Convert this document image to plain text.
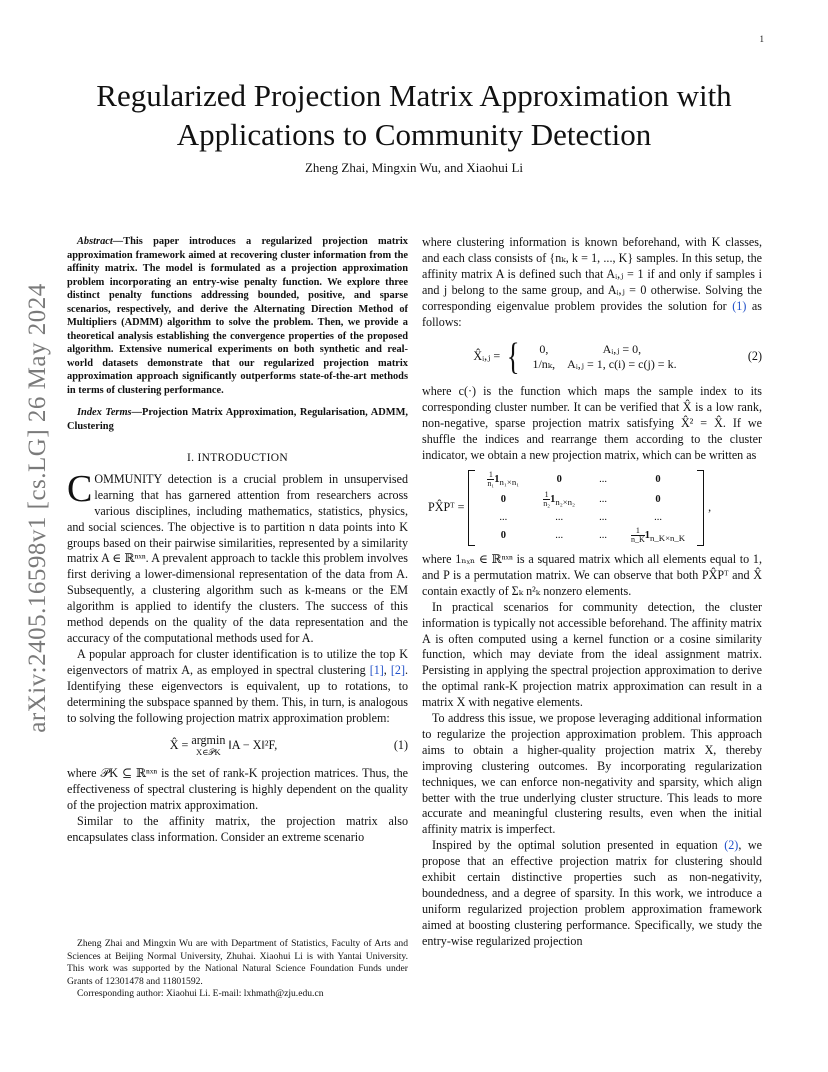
1
arXiv:2405.16598v1 [cs.LG] 26 May 2024
Regularized Projection Matrix Approximation with
Applications to Community Detection
Zheng Zhai, Mingxin Wu, and Xiaohui Li

Abstract—This paper introduces a regularized projection matrix approximation framework aimed at recovering cluster information from the affinity matrix. The model is formulated as a projection approximation problem incorporating an entry-wise penalty function. We explore three distinct penalty functions addressing bounded, positive, and sparse scenarios, respectively, and derive the Alternating Direction Method of Multipliers (ADMM) algorithm to solve the problem. Then, we provide a theoretical analysis establishing the convergence properties of the proposed algorithm. Extensive numerical experiments on both synthetic and real-world datasets demonstrate that our regularized projection matrix approximation approach significantly outperforms state-of-the-art methods in terms of clustering performance.

Index Terms—Projection Matrix Approximation, Regularisation, ADMM, Clustering

I. INTRODUCTION

COMMUNITY detection is a crucial problem in unsupervised learning that has garnered attention from researchers across various disciplines, including mathematics, statistics, physics, and social sciences. The objective is to partition n data points into K groups based on their pairwise similarities, represented by a similarity matrix A ∈ ℝⁿˣⁿ. A prevalent approach to tackle this problem involves first deriving a lower-dimensional representation of the data from A. Subsequently, a clustering algorithm such as k-means or the EM algorithm is applied to identify the clusters. The success of this method depends on the quality of the data representation and the accuracy of the computational methods used for A.

A popular approach for cluster identification is to utilize the top K eigenvectors of matrix A, as employed in spectral clustering [1], [2]. Identifying these eigenvectors is equivalent, up to rotations, to determining the subspace spanned by them. This, in turn, is analogous to solving the following projection matrix approximation problem:

X̂ = argmin
X∈𝒫K
‖A − X‖²F,	(1)

where 𝒫K ⊆ ℝⁿˣⁿ is the set of rank-K projection matrices. Thus, the effectiveness of spectral clustering is highly dependent on the quality of the projection matrix approximation.

Similar to the affinity matrix, the projection matrix also encapsulates class information. Consider an extreme scenario

Zheng Zhai and Mingxin Wu are with Department of Statistics, Faculty of Arts and Sciences at Beijing Normal University, Zhuhai. Xiaohui Li is with Yantai University. This work was supported by the National Natural Science Foundation Funds under Grants of 12301478 and 11801592.

Corresponding author: Xiaohui Li. E-mail: lxhmath@zju.edu.cn

where clustering information is known beforehand, with K classes, and each class consists of {nₖ, k = 1, ..., K} samples. In this setup, the affinity matrix A is defined such that Aᵢ,ⱼ = 1 if and only if samples i and j belong to the same group, and Aᵢ,ⱼ = 0 otherwise. Solving the corresponding eigenvalue problem provides the solution for (1) as follows:

X̂ᵢ,ⱼ = { 0,	Aᵢ,ⱼ = 0,
1/nₖ,	Aᵢ,ⱼ = 1, c(i) = c(j) = k.
(2)

where c(·) is the function which maps the sample index to its corresponding cluster number. It can be verified that X̂ is a low rank, non-negative, sparse projection matrix satisfying X̂² = X̂. If we shuffle the indices and rearrange them according to the cluster indicator, we obtain a new projection matrix, which can be written as

PX̂Pᵀ =
$\frac{1}{\text{n₁}} 1_{n_1\times n_1}$	0	...	0
0	$\frac{1}{\text{n₂}} 1_{n_2\times n_2}$	...	0
...	...	...	...
0	...	...	$\frac{1}{n\_K} 1_{n\_K\times n\_K}$
,

where 1ₙₓₙ ∈ ℝⁿˣⁿ is a squared matrix which all elements equal to 1, and P is a permutation matrix. We can observe that both PX̂Pᵀ and X̂ contain exactly of Σₖ n²ₖ nonzero elements.

In practical scenarios for community detection, the cluster information is typically not accessible beforehand. The affinity matrix A is often computed using a kernel function or a cosine similarity function, which may deviate from the ideal assignment matrix. Persisting in applying the spectral projection approximation to derive the optimal rank-K projection matrix approximation can result in a matrix X with negative elements.

To address this issue, we propose leveraging additional information to regularize the projection approximation problem. This approach aims to obtain a higher-quality projection matrix X, thereby improving clustering outcomes. By incorporating regularization techniques, we can enforce non-negativity and sparsity, which align better with the true underlying cluster structure. This leads to more accurate and meaningful clustering results, even when the initial affinity matrix is imperfect.

Inspired by the optimal solution presented in equation (2), we propose that an effective projection matrix for clustering should exhibit certain distinctive properties such as non-negativity, boundedness, and a degree of sparsity. In this work, we introduce a uniform regularized projection problem approximation framework aimed at boosting clustering performance. Specifically, we study the entry-wise regularized projection
